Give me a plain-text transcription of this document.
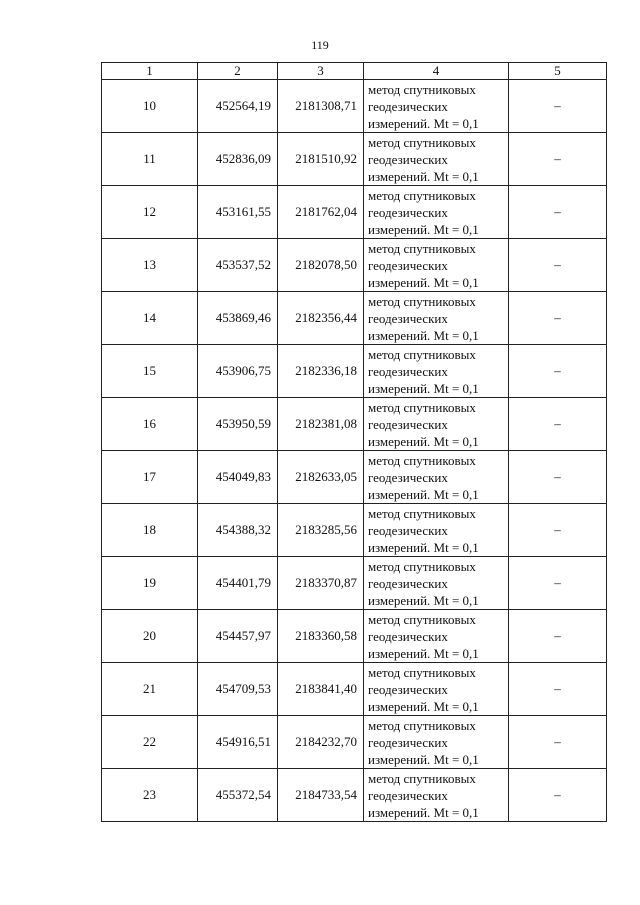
119
1	2	3	4	5
10	452564,19	2181308,71	метод спутниковых
геодезических
измерений. Mt = 0,1	–
11	452836,09	2181510,92	метод спутниковых
геодезических
измерений. Mt = 0,1	–
12	453161,55	2181762,04	метод спутниковых
геодезических
измерений. Mt = 0,1	–
13	453537,52	2182078,50	метод спутниковых
геодезических
измерений. Mt = 0,1	–
14	453869,46	2182356,44	метод спутниковых
геодезических
измерений. Mt = 0,1	–
15	453906,75	2182336,18	метод спутниковых
геодезических
измерений. Mt = 0,1	–
16	453950,59	2182381,08	метод спутниковых
геодезических
измерений. Mt = 0,1	–
17	454049,83	2182633,05	метод спутниковых
геодезических
измерений. Mt = 0,1	–
18	454388,32	2183285,56	метод спутниковых
геодезических
измерений. Mt = 0,1	–
19	454401,79	2183370,87	метод спутниковых
геодезических
измерений. Mt = 0,1	–
20	454457,97	2183360,58	метод спутниковых
геодезических
измерений. Mt = 0,1	–
21	454709,53	2183841,40	метод спутниковых
геодезических
измерений. Mt = 0,1	–
22	454916,51	2184232,70	метод спутниковых
геодезических
измерений. Mt = 0,1	–
23	455372,54	2184733,54	метод спутниковых
геодезических
измерений. Mt = 0,1	–
